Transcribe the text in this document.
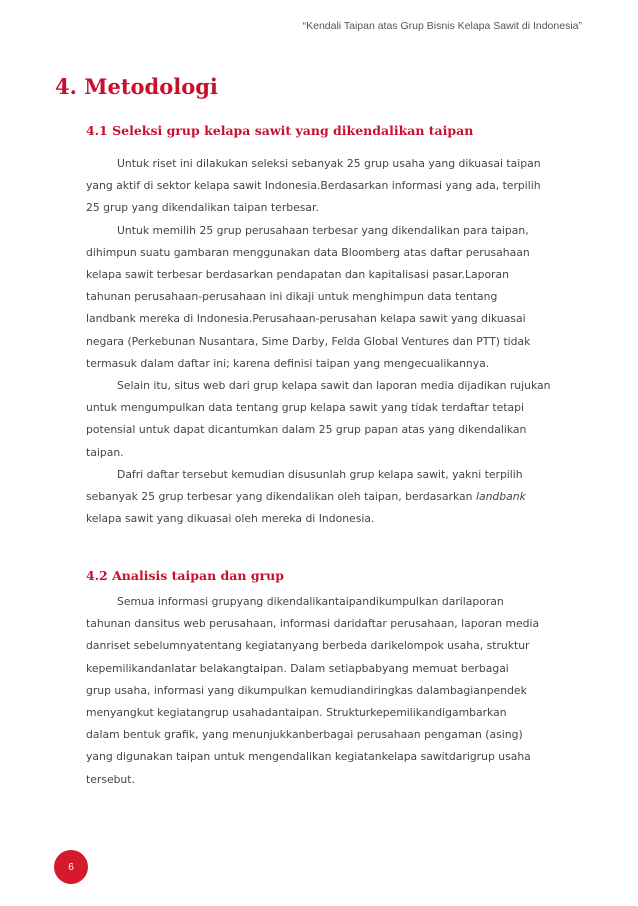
“Kendali Taipan atas Grup Bisnis Kelapa Sawit di Indonesia”
4. Metodologi
4.1 Seleksi grup kelapa sawit yang dikendalikan taipan
Untuk riset ini dilakukan seleksi sebanyak 25 grup usaha yang dikuasai taipan
yang aktif di sektor kelapa sawit Indonesia.Berdasarkan informasi yang ada, terpilih
25 grup yang dikendalikan taipan terbesar.
Untuk memilih 25 grup perusahaan terbesar yang dikendalikan para taipan,
dihimpun suatu gambaran menggunakan data Bloomberg atas daftar perusahaan
kelapa sawit terbesar berdasarkan pendapatan dan kapitalisasi pasar.Laporan
tahunan perusahaan-perusahaan ini dikaji untuk menghimpun data tentang
landbank mereka di Indonesia.Perusahaan-perusahan kelapa sawit yang dikuasai
negara (Perkebunan Nusantara, Sime Darby, Felda Global Ventures dan PTT) tidak
termasuk dalam daftar ini; karena definisi taipan yang mengecualikannya.
Selain itu, situs web dari grup kelapa sawit dan laporan media dijadikan rujukan
untuk mengumpulkan data tentang grup kelapa sawit yang tidak terdaftar tetapi
potensial untuk dapat dicantumkan dalam 25 grup papan atas yang dikendalikan
taipan.
Dafri daftar tersebut kemudian disusunlah grup kelapa sawit, yakni terpilih
sebanyak 25 grup terbesar yang dikendalikan oleh taipan, berdasarkan landbank
kelapa sawit yang dikuasai oleh mereka di Indonesia.
4.2 Analisis taipan dan grup
Semua informasi grupyang dikendalikantaipandikumpulkan darilaporan
tahunan dansitus web perusahaan, informasi daridaftar perusahaan, laporan media
danriset sebelumnyatentang kegiatanyang berbeda darikelompok usaha, struktur
kepemilikandanlatar belakangtaipan. Dalam setiapbabyang memuat berbagai
grup usaha, informasi yang dikumpulkan kemudiandiringkas dalambagianpendek
menyangkut kegiatangrup usahadantaipan. Strukturkepemilikandigambarkan
dalam bentuk grafik, yang menunjukkanberbagai perusahaan pengaman (asing)
yang digunakan taipan untuk mengendalikan kegiatankelapa sawitdarigrup usaha
tersebut.
6
